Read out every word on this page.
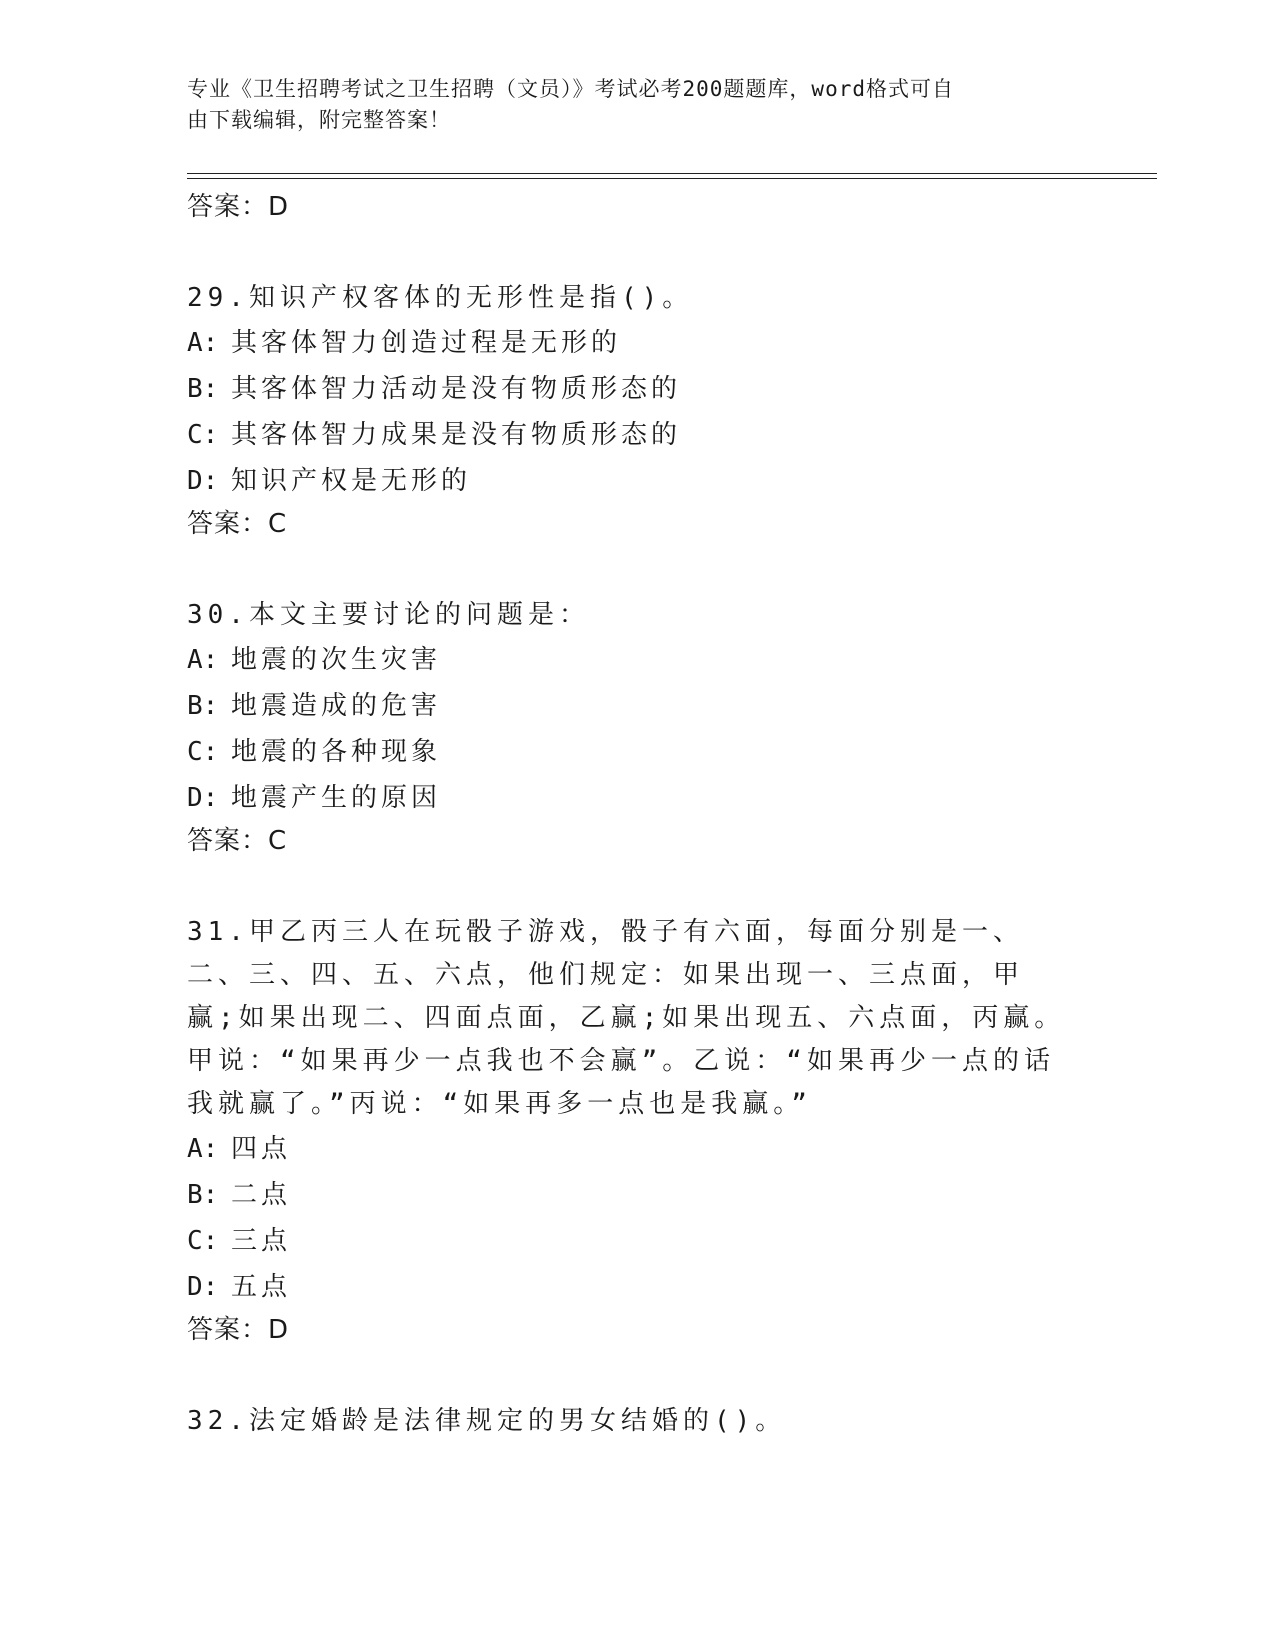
专业《卫生招聘考试之卫生招聘（文员）》考试必考200题题库，word格式可自
由下载编辑，附完整答案！
答案：D
29.知识产权客体的无形性是指()。
A: 其客体智力创造过程是无形的
B: 其客体智力活动是没有物质形态的
C: 其客体智力成果是没有物质形态的
D: 知识产权是无形的
答案：C
30.本文主要讨论的问题是：
A: 地震的次生灾害
B: 地震造成的危害
C: 地震的各种现象
D: 地震产生的原因
答案：C
31.甲乙丙三人在玩骰子游戏，骰子有六面，每面分别是一、二、三、四、五、六点，他们规定：如果出现一、三点面，甲赢;如果出现二、四面点面，乙赢;如果出现五、六点面，丙赢。甲说：“如果再少一点我也不会赢”。乙说：“如果再少一点的话我就赢了。”丙说：“如果再多一点也是我赢。”
A: 四点
B: 二点
C: 三点
D: 五点
答案：D
32.法定婚龄是法律规定的男女结婚的()。
